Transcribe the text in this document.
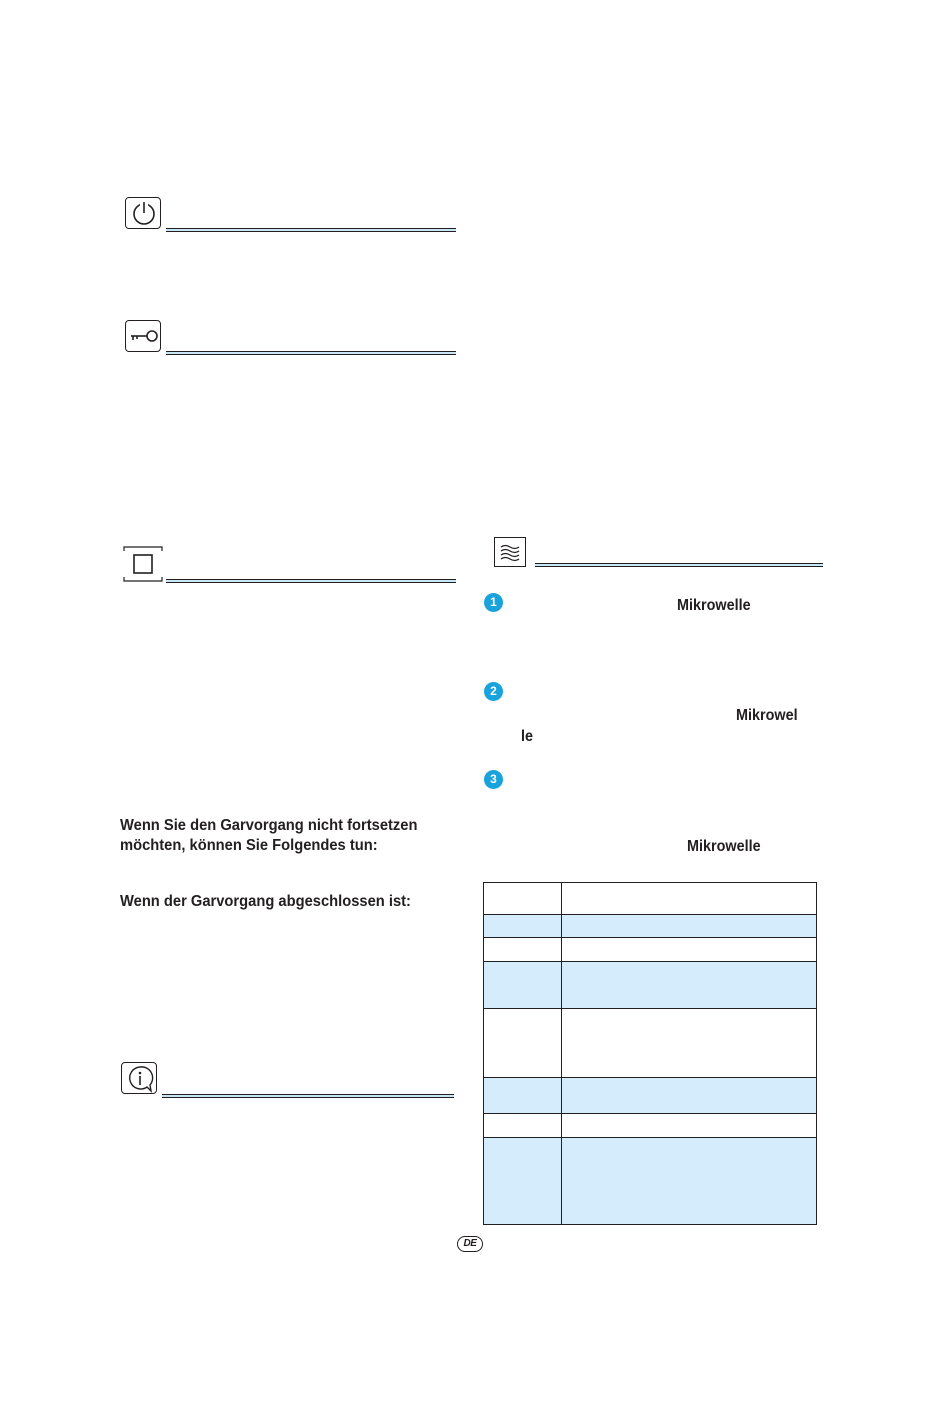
Wenn Sie den Garvorgang nicht fortsetzen
möchten, können Sie Folgendes tun:
Wenn der Garvorgang abgeschlossen ist:
1	Mikrowelle
2
Mikrowel
le
3
Mikrowelle

DE
